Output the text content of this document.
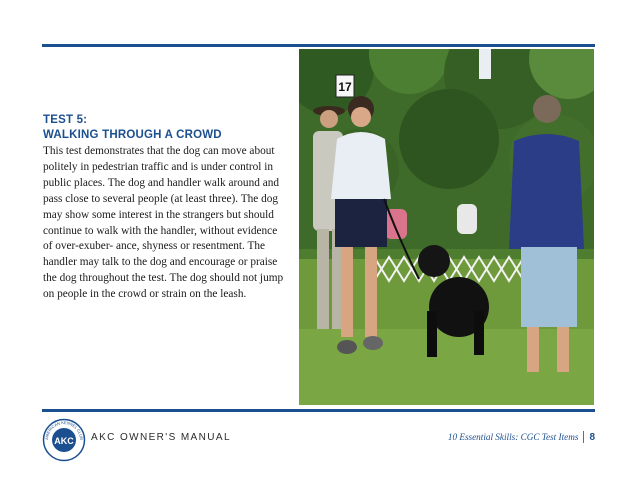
TEST 5:
WALKING THROUGH A CROWD
This test demonstrates that the dog can move about politely in pedestrian traffic and is under control in public places. The dog and handler walk around and pass close to several people (at least three). The dog may show some interest in the strangers but should continue to walk with the handler, without evidence of over-exuber- ance, shyness or resentment. The handler may talk to the dog and encourage or praise the dog throughout the test. The dog should not jump on people in the crowd or strain on the leash.
17
AKC
AMERICAN KENNEL CLUB AKC OWNER'S MANUAL	10 Essential Skills: CGC Test Items 8
